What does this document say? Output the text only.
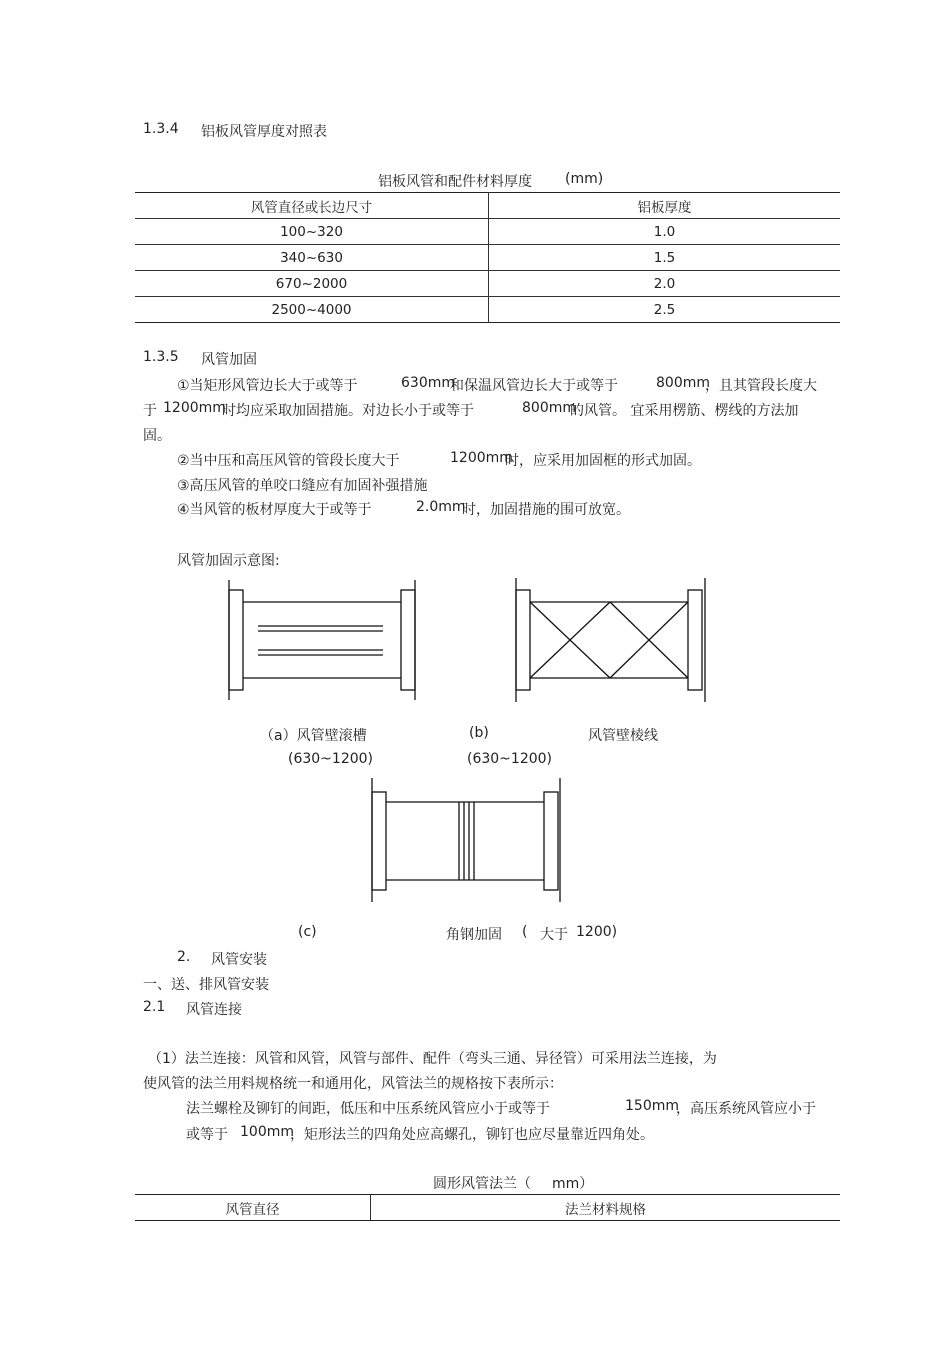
1.3.4 铝板风管厚度对照表
铝板风管和配件材料厚度 (mm)
风管直径或长边尺寸	铝板厚度
100~320	1.0
340~630	1.5
670~2000	2.0
2500~4000	2.5
1.3.5 风管加固
①当矩形风管边长大于或等于	630mm
和保温风管边长大于或等于	800mm
，且其管段长度大
于 1200mm
时均应采取加固措施。对边长小于或等于	800mm
的风管。 宜采用楞筋、楞线的方法加
固。
②当中压和高压风管的管段长度大于	1200mm
时，应采用加固框的形式加固。
③高压风管的单咬口缝应有加固补强措施
④当风管的板材厚度大于或等于	2.0mm
时，加固措施的围可放宽。
风管加固示意图:
（a）风管壁滚槽	(b)	风管壁棱线
(630~1200)	(630~1200)
(c)	角钢加固 ( 大于 1200)
2. 风管安装
一、送、排风管安装
2.1 风管连接
（1）法兰连接：风管和风管，风管与部件、配件（弯头三通、异径管）可采用法兰连接，为
使风管的法兰用料规格统一和通用化，风管法兰的规格按下表所示：
法兰螺栓及铆钉的间距，低压和中压系统风管应小于或等于	150mm
，高压系统风管应小于
或等于 100mm
，矩形法兰的四角处应高螺孔，铆钉也应尽量靠近四角处。
圆形风管法兰（ mm）
风管直径	法兰材料规格
